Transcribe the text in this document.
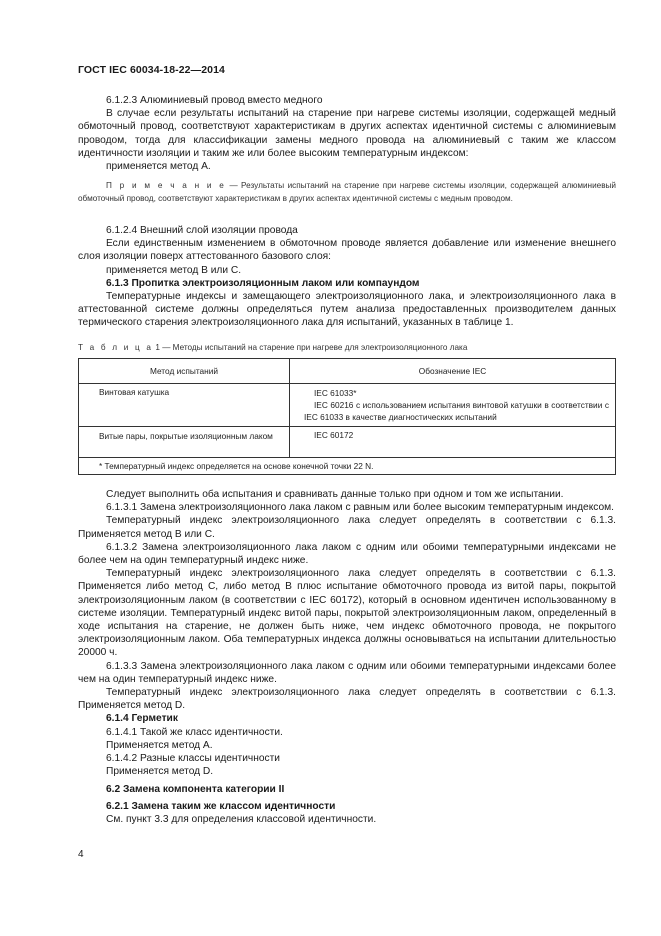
ГОСТ IEC 60034-18-22—2014

6.1.2.3 Алюминиевый провод вместо медного

В случае если результаты испытаний на старение при нагреве системы изоляции, содержащей медный обмоточный провод, соответствуют характеристикам в других аспектах идентичной системы с алюминиевым проводом, тогда для классификации замены медного провода на алюминиевый с таким же классом идентичности изоляции и таким же или более высоким температурным индексом:

применяется метод А.

П р и м е ч а н и е — Результаты испытаний на старение при нагреве системы изоляции, содержащей алюминиевый обмоточный провод, соответствуют характеристикам в других аспектах идентичной системы с медным проводом.

6.1.2.4 Внешний слой изоляции провода

Если единственным изменением в обмоточном проводе является добавление или изменение внешнего слоя изоляции поверх аттестованного базового слоя:

применяется метод В или С.

6.1.3 Пропитка электроизоляционным лаком или компаундом

Температурные индексы и замещающего электроизоляционного лака, и электроизоляционного лака в аттестованной системе должны определяться путем анализа предоставленных производителем данных термического старения электроизоляционного лака для испытаний, указанных в таблице 1.

Т а б л и ц а 1 — Методы испытаний на старение при нагреве для электроизоляционного лака

Метод испытаний	Обозначение IEC
Винтовая катушка	IEC 61033*
IEC 60216 с использованием испытания винтовой катушки в соответствии с IEC 61033 в качестве диагностических испытаний

Витые пары, покрытые изоляционным лаком	IEC 60172
* Температурный индекс определяется на основе конечной точки 22 N.	

Следует выполнить оба испытания и сравнивать данные только при одном и том же испытании.

6.1.3.1 Замена электроизоляционного лака лаком с равным или более высоким температурным индексом.

Температурный индекс электроизоляционного лака следует определять в соответствии с 6.1.3. Применяется метод В или С.

6.1.3.2 Замена электроизоляционного лака лаком с одним или обоими температурными индексами не более чем на один температурный индекс ниже.

Температурный индекс электроизоляционного лака следует определять в соответствии с 6.1.3. Применяется либо метод С, либо метод В плюс испытание обмоточного провода из витой пары, покрытой электроизоляционным лаком (в соответствии с IEC 60172), который в основном идентичен использованному в системе изоляции. Температурный индекс витой пары, покрытой электроизоляционным лаком, определенный в ходе испытания на старение, не должен быть ниже, чем индекс обмоточного провода, не покрытого электроизоляционным лаком. Оба температурных индекса должны основываться на испытании длительностью 20000 ч.

6.1.3.3 Замена электроизоляционного лака лаком с одним или обоими температурными индексами более чем на один температурный индекс ниже.

Температурный индекс электроизоляционного лака следует определять в соответствии с 6.1.3. Применяется метод D.

6.1.4 Герметик

6.1.4.1 Такой же класс идентичности.

Применяется метод А.

6.1.4.2 Разные классы идентичности

Применяется метод D.

6.2 Замена компонента категории II

6.2.1 Замена таким же классом идентичности

См. пункт 3.3 для определения классовой идентичности.

4
